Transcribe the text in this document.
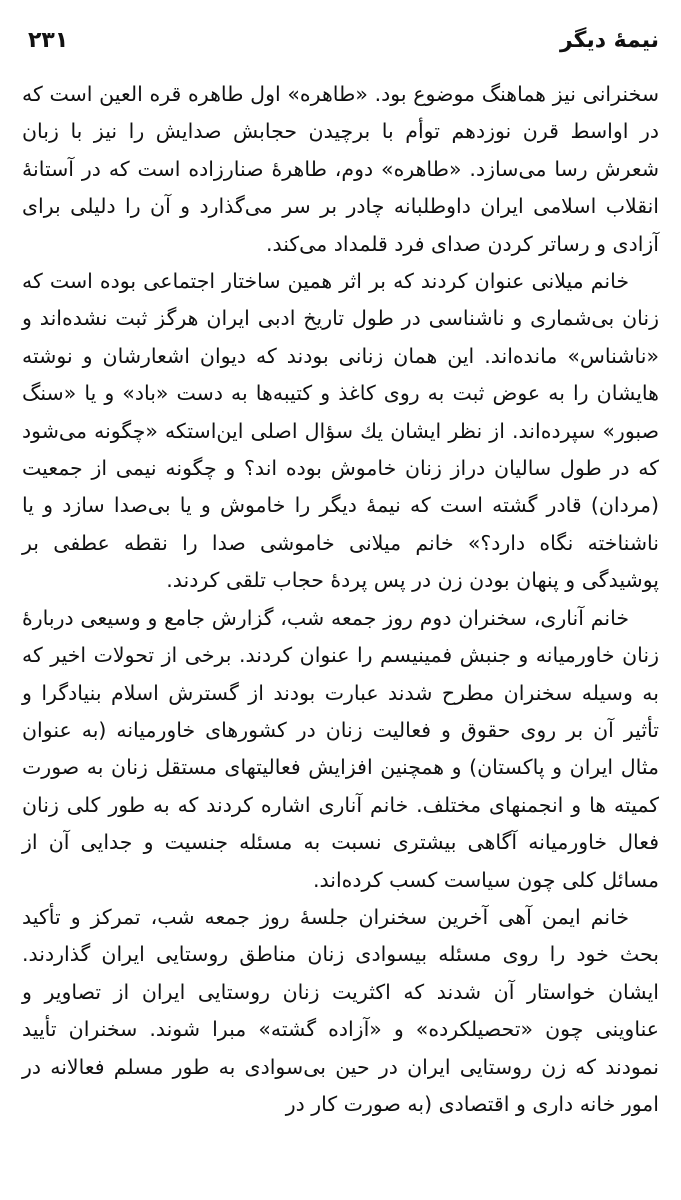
نیمهٔ دیگر
۲۳۱

سخنرانی نیز هماهنگ موضوع بود. «طاهره» اول طاهره قره العین است که در اواسط قرن نوزدهم توأم با برچیدن حجابش صدایش را نیز با زبان شعرش رسا می‌سازد. «طاهره» دوم، طاهرهٔ صنارزاده است که در آستانهٔ انقلاب اسلامی ایران داوطلبانه چادر بر سر می‌گذارد و آن را دلیلی برای آزادی و رساتر کردن صدای فرد قلمداد می‌کند.

خانم میلانی عنوان کردند که بر اثر همین ساختار اجتماعی بوده است که زنان بی‌شماری و ناشناسی در طول تاریخ ادبی ایران هرگز ثبت نشده‌اند و «ناشناس» مانده‌اند. این همان زنانی بودند که دیوان اشعارشان و نوشته هایشان را به عوض ثبت به روی کاغذ و کتیبه‌ها به دست «باد» و یا «سنگ صبور» سپرده‌اند. از نظر ایشان یك سؤال اصلی این‌استکه «چگونه می‌شود که در طول سالیان دراز زنان خاموش بوده اند؟ و چگونه نیمی از جمعیت (مردان) قادر گشته است که نیمهٔ دیگر را خاموش و یا بی‌صدا سازد و یا ناشناخته نگاه دارد؟» خانم میلانی خاموشی صدا را نقطه عطفی بر پوشیدگی و پنهان بودن زن در پس پردهٔ حجاب تلقی کردند.

خانم آناری، سخنران دوم روز جمعه شب، گزارش جامع و وسیعی دربارهٔ زنان خاورمیانه و جنبش فمینیسم را عنوان کردند. برخی از تحولات اخیر که به وسیله سخنران مطرح شدند عبارت بودند از گسترش اسلام بنیادگرا و تأثیر آن بر روی حقوق و فعالیت زنان در کشورهای خاورمیانه (به عنوان مثال ایران و پاکستان) و همچنین افزایش فعالیتهای مستقل زنان به صورت کمیته ها و انجمنهای مختلف. خانم آناری اشاره کردند که به طور کلی زنان فعال خاورمیانه آگاهی بیشتری نسبت به مسئله جنسیت و جدایی آن از مسائل کلی چون سیاست کسب کرده‌اند.

خانم ایمن آهی آخرین سخنران جلسهٔ روز جمعه شب، تمرکز و تأکید بحث خود را روی مسئله بیسوادی زنان مناطق روستایی ایران گذاردند. ایشان خواستار آن شدند که اکثریت زنان روستایی ایران از تصاویر و عناوینی چون «تحصیلکرده» و «آزاده گشته» مبرا شوند. سخنران تأیید نمودند که زن روستایی ایران در حین بی‌سوادی به طور مسلم فعالانه در امور خانه داری و اقتصادی (به صورت کار در
